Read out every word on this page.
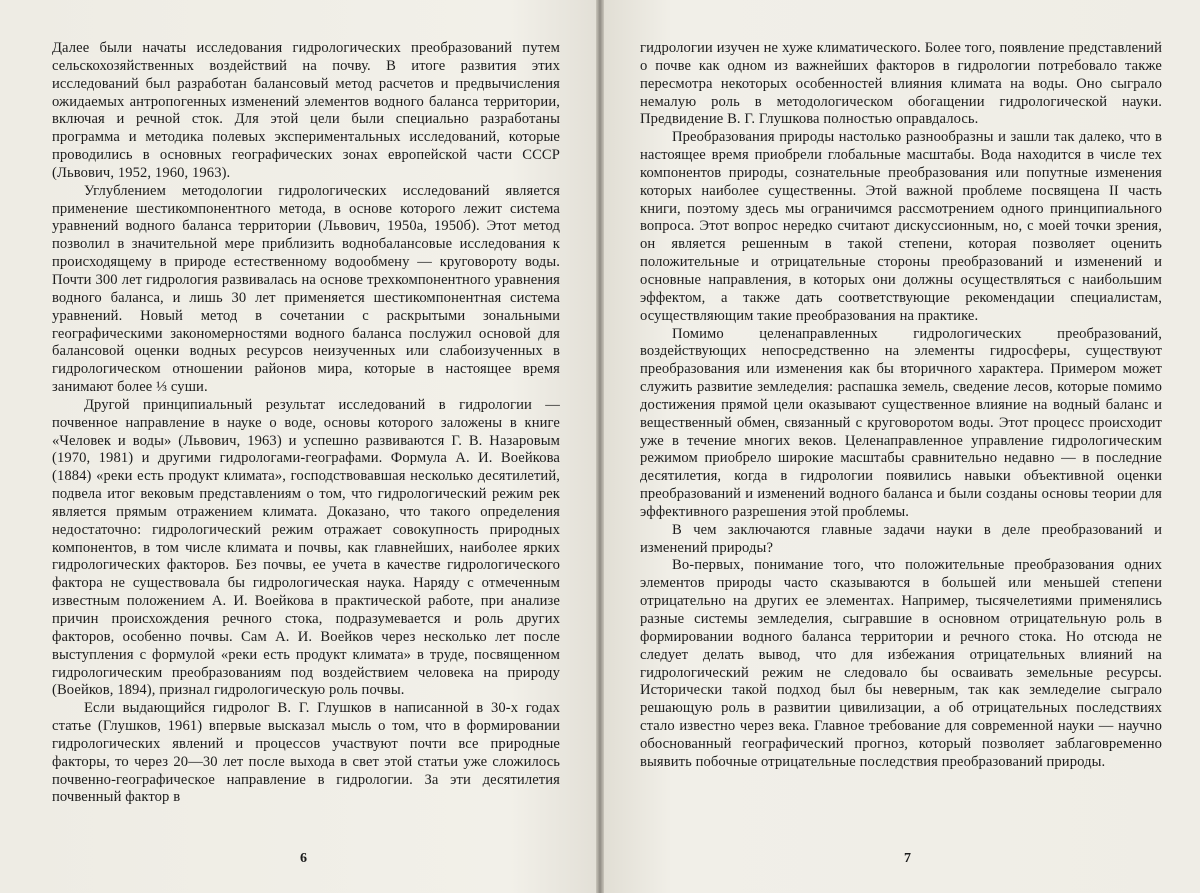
Далее были начаты исследования гидрологических преобразований путем сельскохозяйственных воздействий на почву. В итоге развития этих исследований был разработан балансовый метод расчетов и предвычисления ожидаемых антропогенных изменений элементов водного баланса территории, включая и речной сток. Для этой цели были специально разработаны программа и методика полевых экспериментальных исследований, которые проводились в основных географических зонах европейской части СССР (Львович, 1952, 1960, 1963).

Углублением методологии гидрологических исследований является применение шестикомпонентного метода, в основе которого лежит система уравнений водного баланса территории (Львович, 1950а, 1950б). Этот метод позволил в значительной мере приблизить воднобалансовые исследования к происходящему в природе естественному водообмену — круговороту воды. Почти 300 лет гидрология развивалась на основе трехкомпонентного уравнения водного баланса, и лишь 30 лет применяется шестикомпонентная система уравнений. Новый метод в сочетании с раскрытыми зональными географическими закономерностями водного баланса послужил основой для балансовой оценки водных ресурсов неизученных или слабоизученных в гидрологическом отношении районов мира, которые в настоящее время занимают более ⅓ суши.

Другой принципиальный результат исследований в гидрологии — почвенное направление в науке о воде, основы которого заложены в книге «Человек и воды» (Львович, 1963) и успешно развиваются Г. В. Назаровым (1970, 1981) и другими гидрологами-географами. Формула А. И. Воейкова (1884) «реки есть продукт климата», господствовавшая несколько десятилетий, подвела итог вековым представлениям о том, что гидрологический режим рек является прямым отражением климата. Доказано, что такого определения недостаточно: гидрологический режим отражает совокупность природных компонентов, в том числе климата и почвы, как главнейших, наиболее ярких гидрологических факторов. Без почвы, ее учета в качестве гидрологического фактора не существовала бы гидрологическая наука. Наряду с отмеченным известным положением А. И. Воейкова в практической работе, при анализе причин происхождения речного стока, подразумевается и роль других факторов, особенно почвы. Сам А. И. Воейков через несколько лет после выступления с формулой «реки есть продукт климата» в труде, посвященном гидрологическим преобразованиям под воздействием человека на природу (Воейков, 1894), признал гидрологическую роль почвы.

Если выдающийся гидролог В. Г. Глушков в написанной в 30-х годах статье (Глушков, 1961) впервые высказал мысль о том, что в формировании гидрологических явлений и процессов участвуют почти все природные факторы, то через 20—30 лет после выхода в свет этой статьи уже сложилось почвенно-географическое направление в гидрологии. За эти десятилетия почвенный фактор в

6

гидрологии изучен не хуже климатического. Более того, появление представлений о почве как одном из важнейших факторов в гидрологии потребовало также пересмотра некоторых особенностей влияния климата на воды. Оно сыграло немалую роль в методологическом обогащении гидрологической науки. Предвидение В. Г. Глушкова полностью оправдалось.

Преобразования природы настолько разнообразны и зашли так далеко, что в настоящее время приобрели глобальные масштабы. Вода находится в числе тех компонентов природы, сознательные преобразования или попутные изменения которых наиболее существенны. Этой важной проблеме посвящена II часть книги, поэтому здесь мы ограничимся рассмотрением одного принципиального вопроса. Этот вопрос нередко считают дискуссионным, но, с моей точки зрения, он является решенным в такой степени, которая позволяет оценить положительные и отрицательные стороны преобразований и изменений и основные направления, в которых они должны осуществляться с наибольшим эффектом, а также дать соответствующие рекомендации специалистам, осуществляющим такие преобразования на практике.

Помимо целенаправленных гидрологических преобразований, воздействующих непосредственно на элементы гидросферы, существуют преобразования или изменения как бы вторичного характера. Примером может служить развитие земледелия: распашка земель, сведение лесов, которые помимо достижения прямой цели оказывают существенное влияние на водный баланс и вещественный обмен, связанный с круговоротом воды. Этот процесс происходит уже в течение многих веков. Целенаправленное управление гидрологическим режимом приобрело широкие масштабы сравнительно недавно — в последние десятилетия, когда в гидрологии появились навыки объективной оценки преобразований и изменений водного баланса и были созданы основы теории для эффективного разрешения этой проблемы.

В чем заключаются главные задачи науки в деле преобразований и изменений природы?

Во-первых, понимание того, что положительные преобразования одних элементов природы часто сказываются в большей или меньшей степени отрицательно на других ее элементах. Например, тысячелетиями применялись разные системы земледелия, сыгравшие в основном отрицательную роль в формировании водного баланса территории и речного стока. Но отсюда не следует делать вывод, что для избежания отрицательных влияний на гидрологический режим не следовало бы осваивать земельные ресурсы. Исторически такой подход был бы неверным, так как земледелие сыграло решающую роль в развитии цивилизации, а об отрицательных последствиях стало известно через века. Главное требование для современной науки — научно обоснованный географический прогноз, который позволяет заблаговременно выявить побочные отрицательные последствия преобразований природы.

7
